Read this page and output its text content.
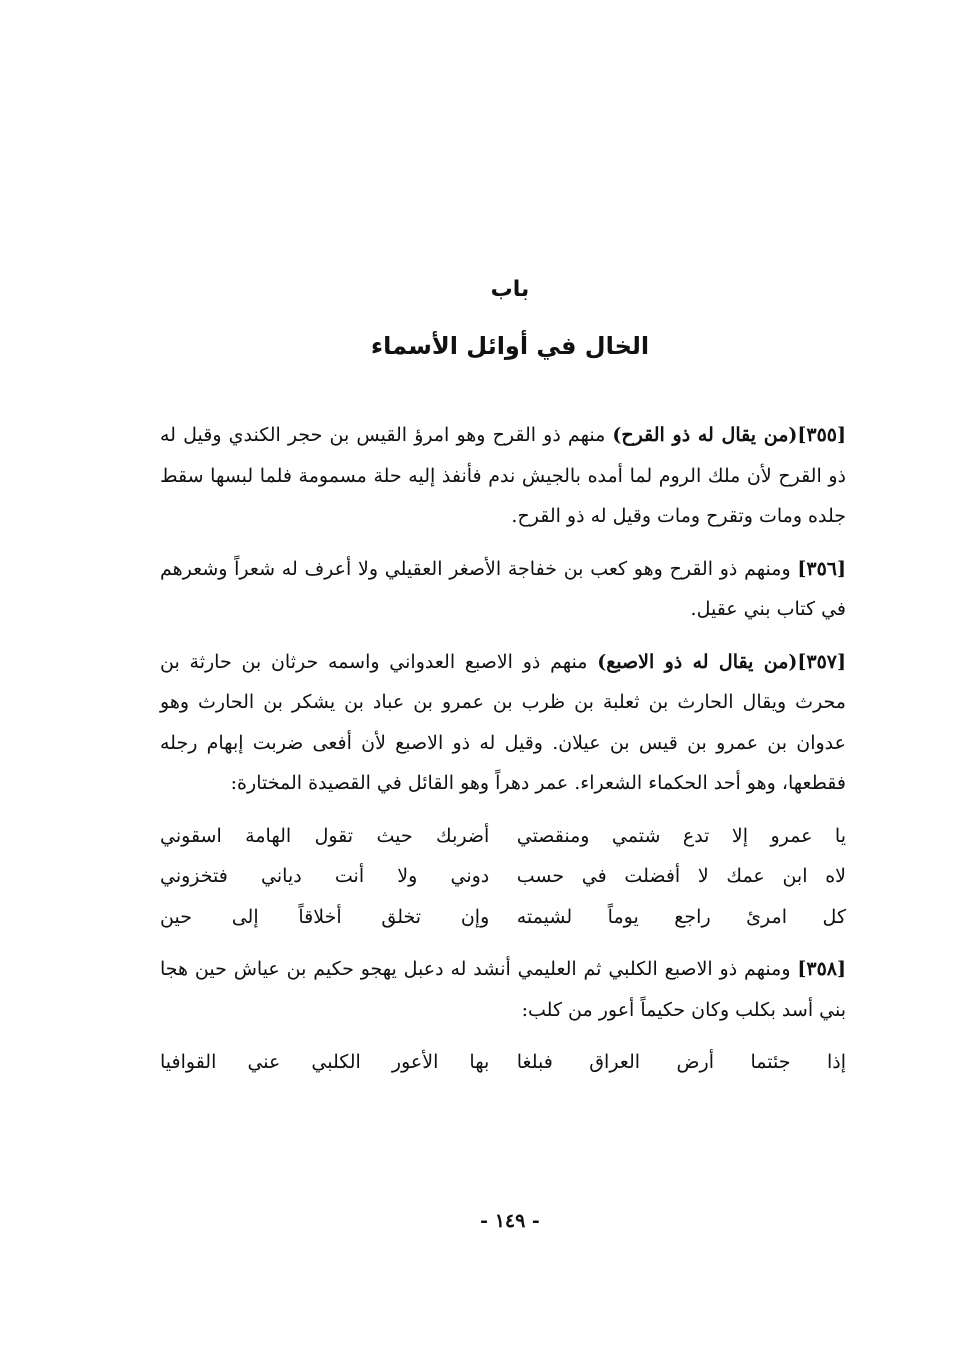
باب
الخال في أوائل الأسماء

[٣٥٥](من يقال له ذو القرح) منهم ذو القرح وهو امرؤ القيس بن حجر الكندي وقيل له ذو القرح لأن ملك الروم لما أمده بالجيش ندم فأنفذ إليه حلة مسمومة فلما لبسها سقط جلده ومات وتقرح ومات وقيل له ذو القرح.

[٣٥٦] ومنهم ذو القرح وهو كعب بن خفاجة الأصغر العقيلي ولا أعرف له شعراً وشعرهم في كتاب بني عقيل.

[٣٥٧](من يقال له ذو الاصبع) منهم ذو الاصبع العدواني واسمه حرثان بن حارثة بن محرث ويقال الحارث بن ثعلبة بن ظرب بن عمرو بن عباد بن يشكر بن الحارث وهو عدوان بن عمرو بن قيس بن عيلان. وقيل له ذو الاصبع لأن أفعى ضربت إبهام رجله فقطعها، وهو أحد الحكماء الشعراء. عمر دهراً وهو القائل في القصيدة المختارة:

يا عمرو إلا تدع شتمي ومنقصتي
أضربك حيث تقول الهامة اسقوني
لاه ابن عمك لا أفضلت في حسب
دوني ولا أنت دياني فتخزوني
كل امرئ راجع يوماً لشيمته
وإن تخلق أخلاقاً إلى حين

[٣٥٨] ومنهم ذو الاصبع الكلبي ثم العليمي أنشد له دعبل يهجو حكيم بن عياش حين هجا بني أسد بكلب وكان حكيماً أعور من كلب:

إذا جئتما أرض العراق فبلغا
بها الأعور الكلبي عني القوافيا
- ١٤٩ -
